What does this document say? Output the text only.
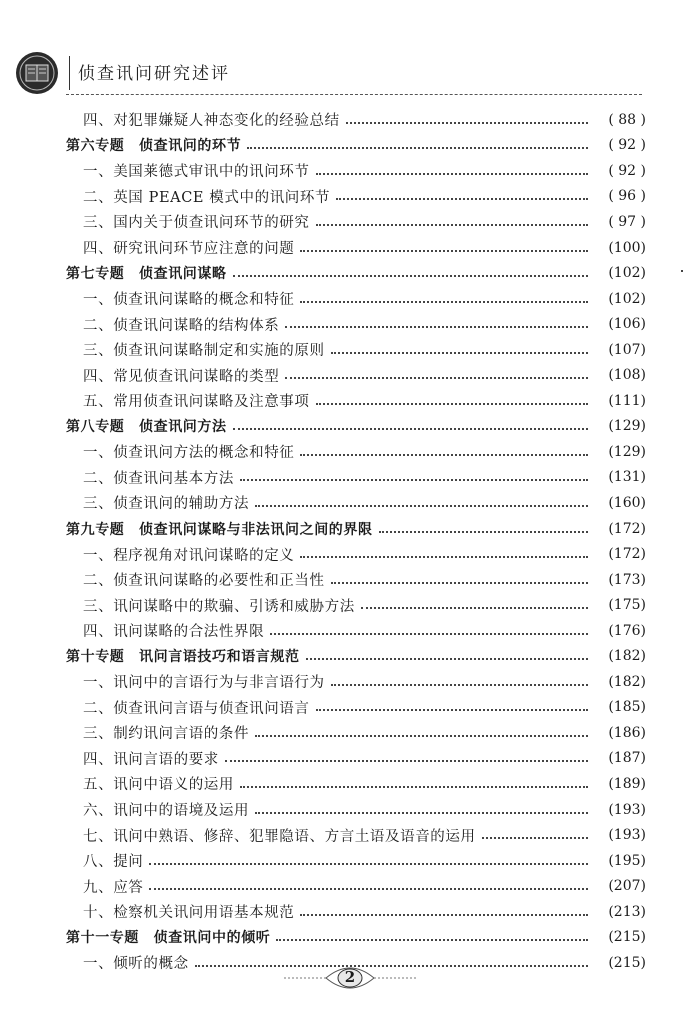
侦查讯问研究述评
四、对犯罪嫌疑人神态变化的经验总结	( 88 )
第六专题　侦查讯问的环节	( 92 )
一、美国莱德式审讯中的讯问环节	( 92 )
二、英国 PEACE 模式中的讯问环节	( 96 )
三、国内关于侦查讯问环节的研究	( 97 )
四、研究讯问环节应注意的问题	(100)
第七专题　侦查讯问谋略	(102)
一、侦查讯问谋略的概念和特征	(102)
二、侦查讯问谋略的结构体系	(106)
三、侦查讯问谋略制定和实施的原则	(107)
四、常见侦查讯问谋略的类型	(108)
五、常用侦查讯问谋略及注意事项	(111)
第八专题　侦查讯问方法	(129)
一、侦查讯问方法的概念和特征	(129)
二、侦查讯问基本方法	(131)
三、侦查讯问的辅助方法	(160)
第九专题　侦查讯问谋略与非法讯问之间的界限	(172)
一、程序视角对讯问谋略的定义	(172)
二、侦查讯问谋略的必要性和正当性	(173)
三、讯问谋略中的欺骗、引诱和威胁方法	(175)
四、讯问谋略的合法性界限	(176)
第十专题　讯问言语技巧和语言规范	(182)
一、讯问中的言语行为与非言语行为	(182)
二、侦查讯问言语与侦查讯问语言	(185)
三、制约讯问言语的条件	(186)
四、讯问言语的要求	(187)
五、讯问中语义的运用	(189)
六、讯问中的语境及运用	(193)
七、讯问中熟语、修辞、犯罪隐语、方言土语及语音的运用	(193)
八、提问	(195)
九、应答	(207)
十、检察机关讯问用语基本规范	(213)
第十一专题　侦查讯问中的倾听	(215)
一、倾听的概念	(215)
2
